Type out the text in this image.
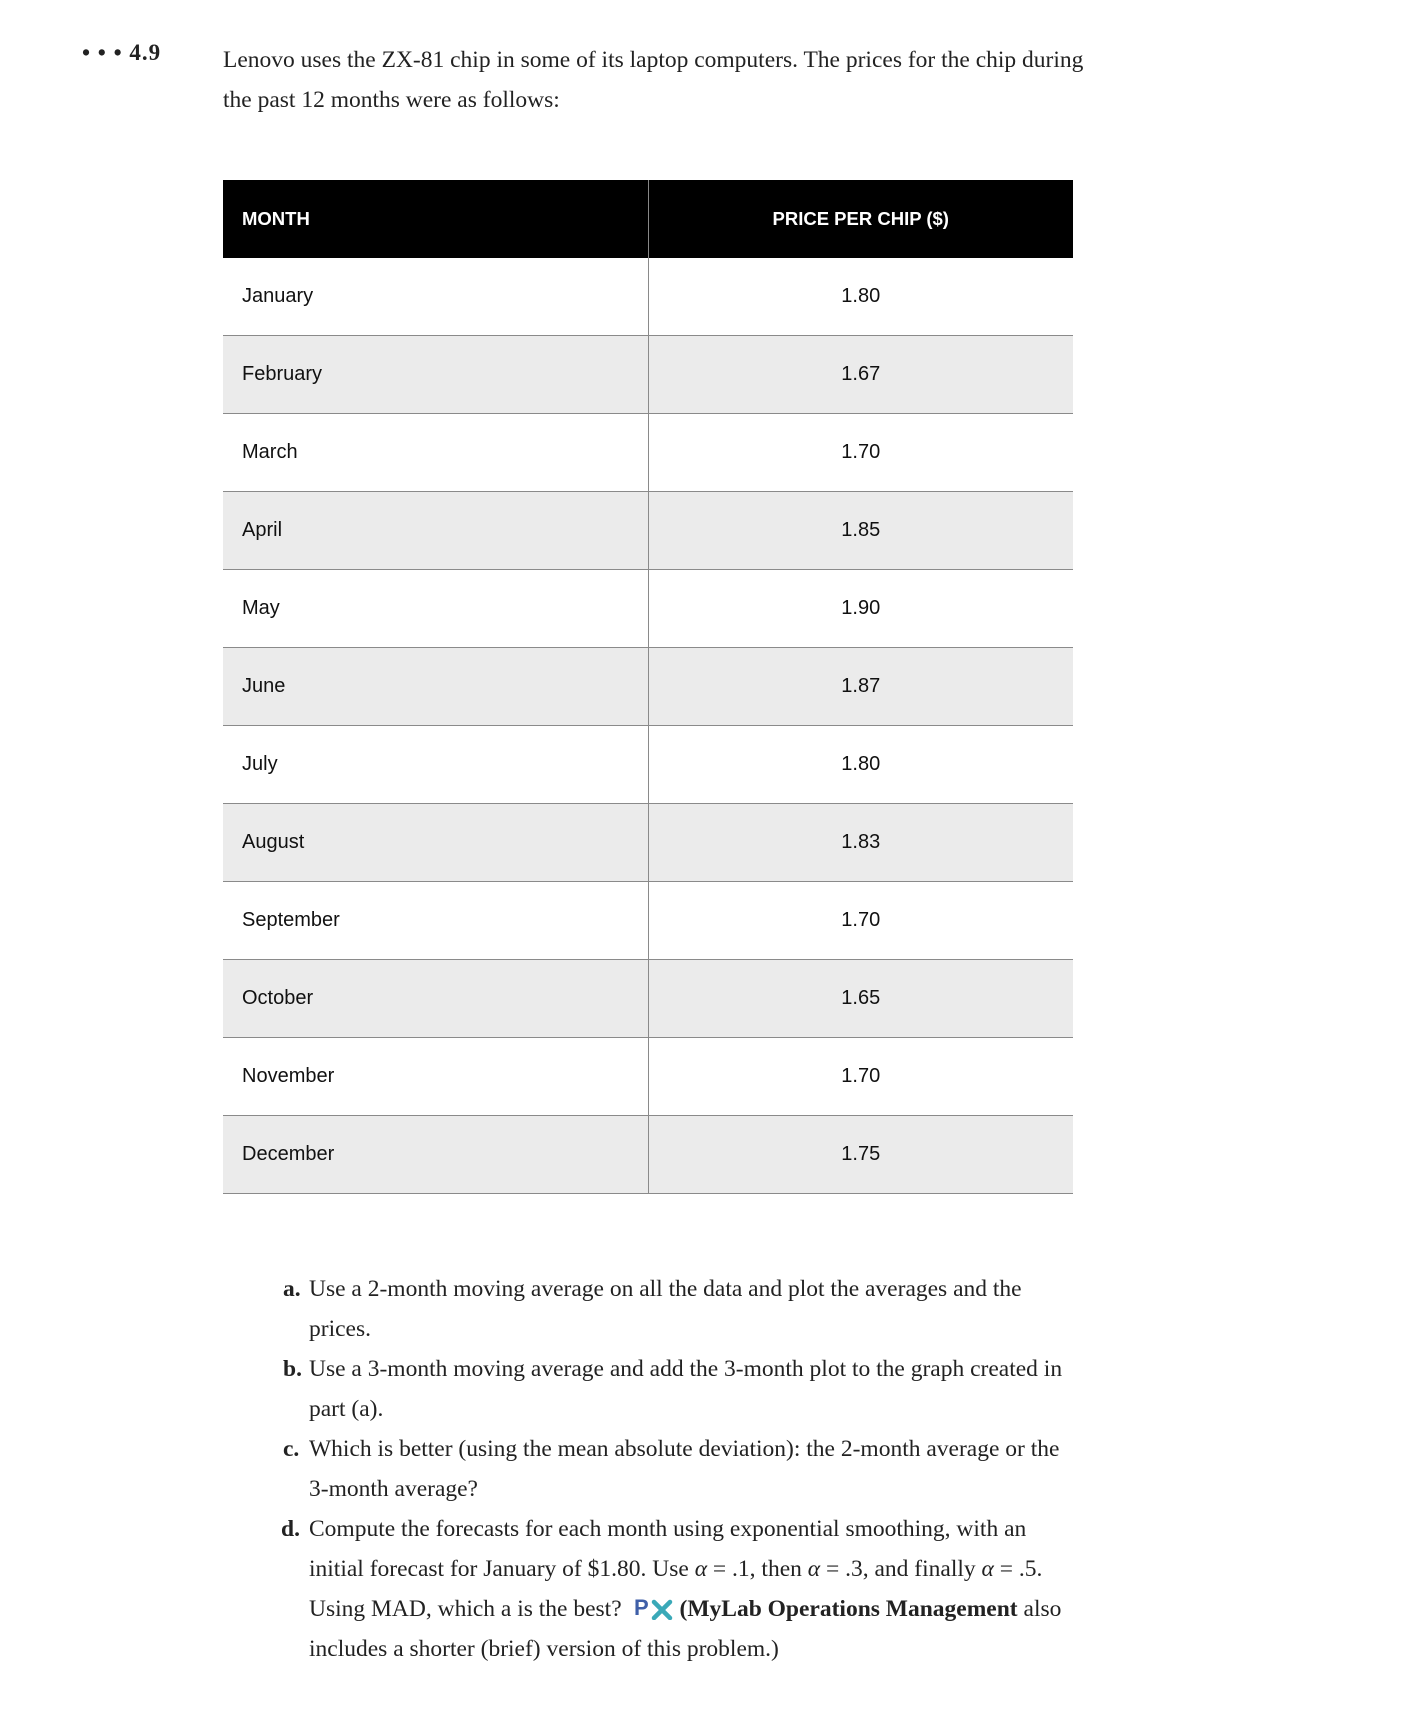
• • • 4.9	Lenovo uses the ZX-81 chip in some of its laptop computers. The prices for the chip during the past 12 months were as follows:

MONTH	PRICE PER CHIP ($)
January	1.80
February	1.67
March	1.70
April	1.85
May	1.90
June	1.87
July	1.80
August	1.83
September	1.70
October	1.65
November	1.70
December	1.75
a. Use a 2-month moving average on all the data and plot the averages and the prices.
b. Use a 3-month moving average and add the 3-month plot to the graph created in part (a).
c. Which is better (using the mean absolute deviation): the 2-month average or the 3-month average?
d. Compute the forecasts for each month using exponential smoothing, with an initial forecast for January of $1.80. Use α = .1, then α = .3, and finally α = .5. Using MAD, which a is the best? P (MyLab Operations Management also includes a shorter (brief) version of this problem.)
